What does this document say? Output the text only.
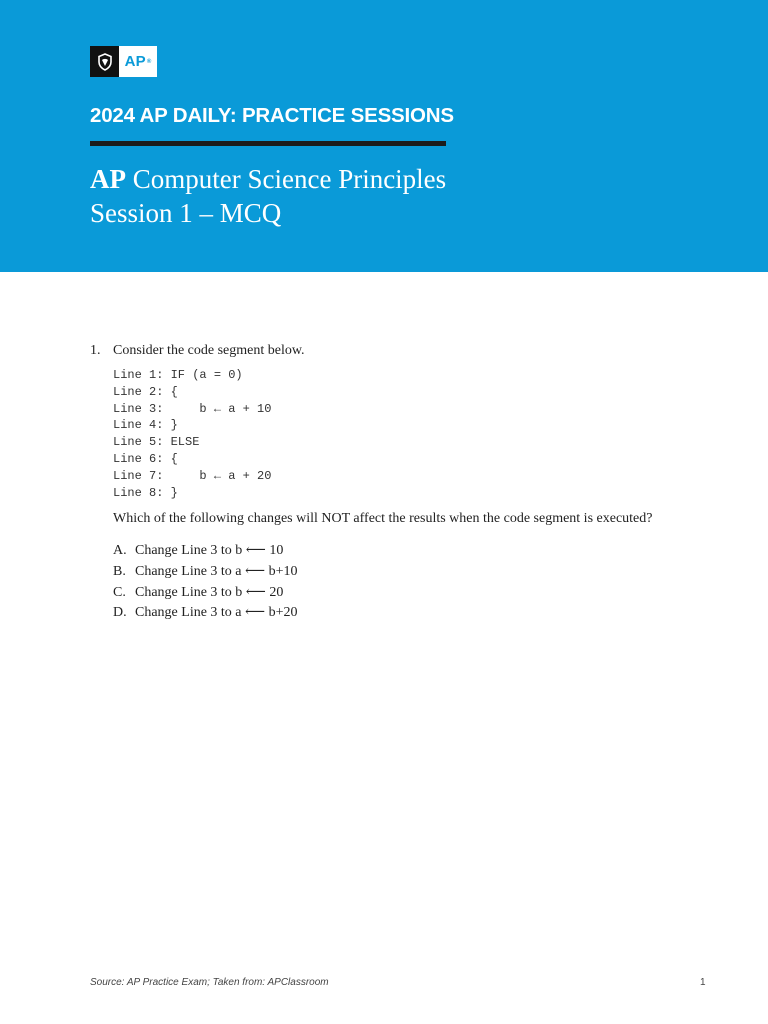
AP ®
2024 AP DAILY: PRACTICE SESSIONS
AP Computer Science Principles
Session 1 – MCQ
1. Consider the code segment below.
Line 1: IF (a = 0)
Line 2: {
Line 3:     b ← a + 10
Line 4: }
Line 5: ELSE
Line 6: {
Line 7:     b ← a + 20
Line 8: }
Which of the following changes will NOT affect the results when the code segment is executed?
A. Change Line 3 to b ⟵ 10
B. Change Line 3 to a ⟵ b+10
C. Change Line 3 to b ⟵ 20
D. Change Line 3 to a ⟵ b+20
Source: AP Practice Exam; Taken from: APClassroom	1
